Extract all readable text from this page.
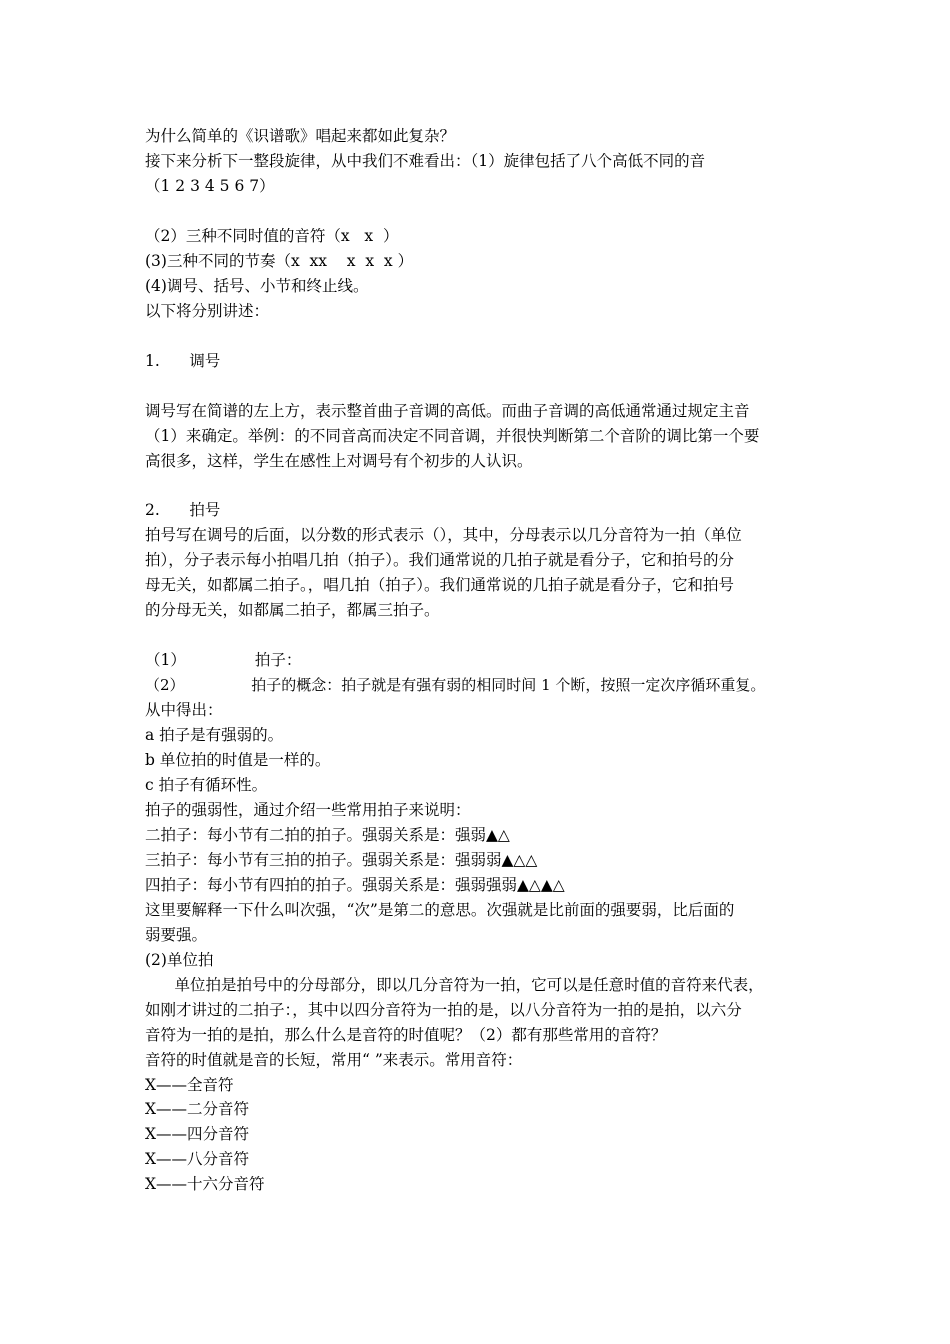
为什么简单的《识谱歌》唱起来都如此复杂？
接下来分析下一整段旋律，从中我们不难看出：（1）旋律包括了八个高低不同的音
（1 2 3 4 5 6 7）
（2）三种不同时值的音符（x   x  ）
(3)三种不同的节奏（x  xx    x  x  x ）
(4)调号、括号、小节和终止线。
以下将分别讲述：
1.      调号
调号写在简谱的左上方，表示整首曲子音调的高低。而曲子音调的高低通常通过规定主音
（1）来确定。举例：的不同音高而决定不同音调，并很快判断第二个音阶的调比第一个要
高很多，这样，学生在感性上对调号有个初步的人认识。
2.      拍号
拍号写在调号的后面，以分数的形式表示（），其中，分母表示以几分音符为一拍（单位
拍），分子表示每小拍唱几拍（拍子）。我们通常说的几拍子就是看分子，它和拍号的分
母无关，如都属二拍子。，唱几拍（拍子）。我们通常说的几拍子就是看分子，它和拍号
的分母无关，如都属二拍子，都属三拍子。
（1）              拍子：
（2）              拍子的概念：拍子就是有强有弱的相同时间 1 个断，按照一定次序循环重复。
从中得出：
a 拍子是有强弱的。
b 单位拍的时值是一样的。
c 拍子有循环性。
拍子的强弱性，通过介绍一些常用拍子来说明：
二拍子：每小节有二拍的拍子。强弱关系是：强弱▲△
三拍子：每小节有三拍的拍子。强弱关系是：强弱弱▲△△
四拍子：每小节有四拍的拍子。强弱关系是：强弱强弱▲△▲△
这里要解释一下什么叫次强，“次”是第二的意思。次强就是比前面的强要弱，比后面的
弱要强。
(2)单位拍
单位拍是拍号中的分母部分，即以几分音符为一拍，它可以是任意时值的音符来代表，
如刚才讲过的二拍子：，其中以四分音符为一拍的是，以八分音符为一拍的是拍，以六分
音符为一拍的是拍，那么什么是音符的时值呢？（2）都有那些常用的音符？
音符的时值就是音的长短，常用“ ”来表示。常用音符：
X——全音符
X——二分音符
X——四分音符
X——八分音符
X——十六分音符
